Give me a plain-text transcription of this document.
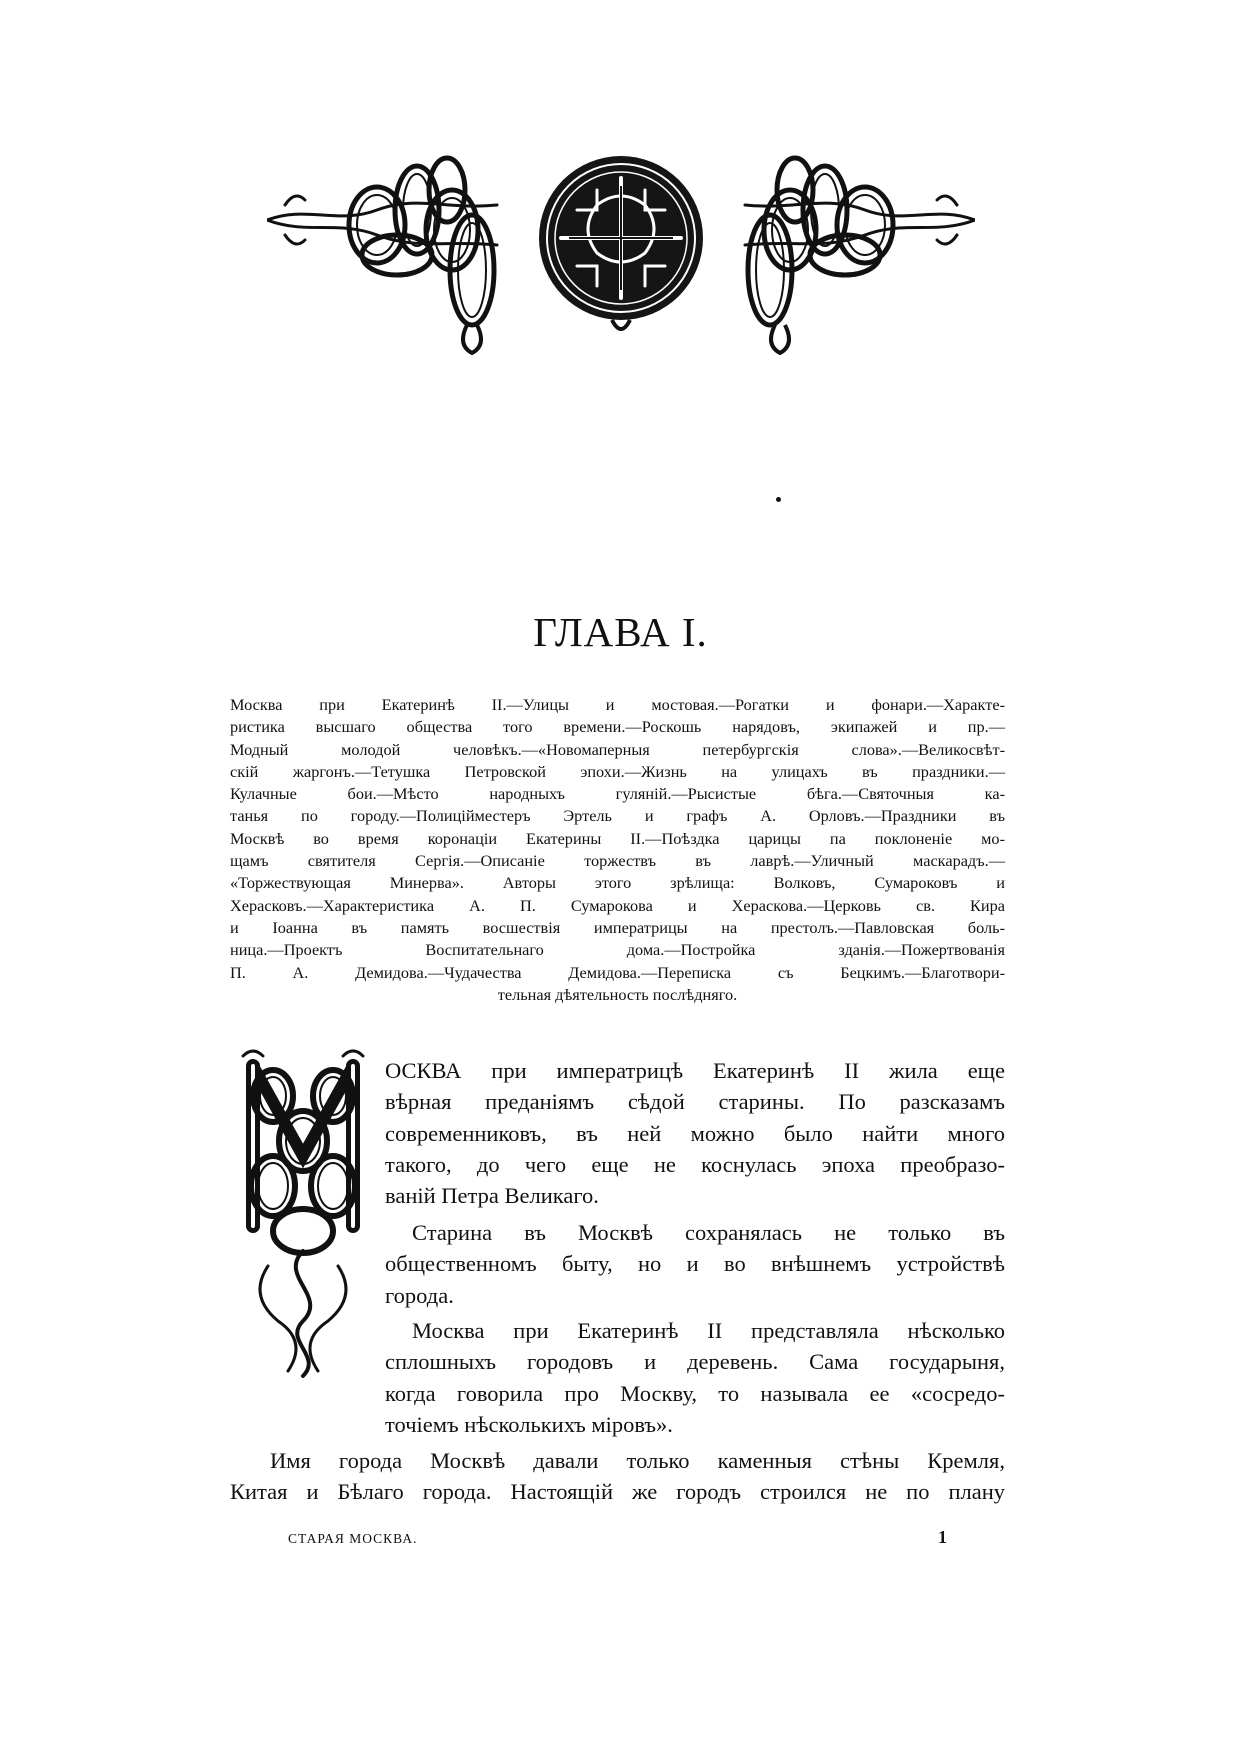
ГЛАВА I.
Москва при Екатеринѣ II.—Улицы и мостовая.—Рогатки и фонари.—Характе-
ристика высшаго общества того времени.—Роскошь нарядовъ, экипажей и пр.—
Модный молодой человѣкъ.—«Новомаперныя петербургскія слова».—Великосвѣт-
скій жаргонъ.—Тетушка Петровской эпохи.—Жизнь на улицахъ въ праздники.—
Кулачные бои.—Мѣсто народныхъ гуляній.—Рысистые бѣга.—Святочныя ка-
танья по городу.—Полиційместеръ Эртель и графъ А. Орловъ.—Праздники въ
Москвѣ во время коронаціи Екатерины II.—Поѣздка царицы па поклоненіе мо-
щамъ святителя Сергія.—Описаніе торжествъ въ лаврѣ.—Уличный маскарадъ.—
«Торжествующая Минерва». Авторы этого зрѣлища: Волковъ, Сумароковъ и
Херасковъ.—Характеристика А. П. Сумарокова и Хераскова.—Церковь св. Кира
и Іоанна въ память восшествія императрицы на престолъ.—Павловская боль-
ница.—Проектъ Воспитательнаго дома.—Постройка зданія.—Пожертвованія
П. А. Демидова.—Чудачества Демидова.—Переписка съ Бецкимъ.—Благотвори-
тельная дѣятельность послѣдняго.
М
ОСКВА при императрицѣ Екатеринѣ II жила еще
вѣрная преданіямъ сѣдой старины. По разсказамъ
современниковъ, въ ней можно было найти много
такого, до чего еще не коснулась эпоха преобразо-
ваній Петра Великаго.
Старина въ Москвѣ сохранялась не только въ
общественномъ быту, но и во внѣшнемъ устройствѣ
города.
Москва при Екатеринѣ II представляла нѣсколько
сплошныхъ городовъ и деревень. Сама государыня,
когда говорила про Москву, то называла ее «сосредо-
точіемъ нѣсколькихъ міровъ».
Имя города Москвѣ давали только каменныя стѣны Кремля,
Китая и Бѣлаго города. Настоящій же городъ строился не по плану
СТАРАЯ МОСКВА.	1
